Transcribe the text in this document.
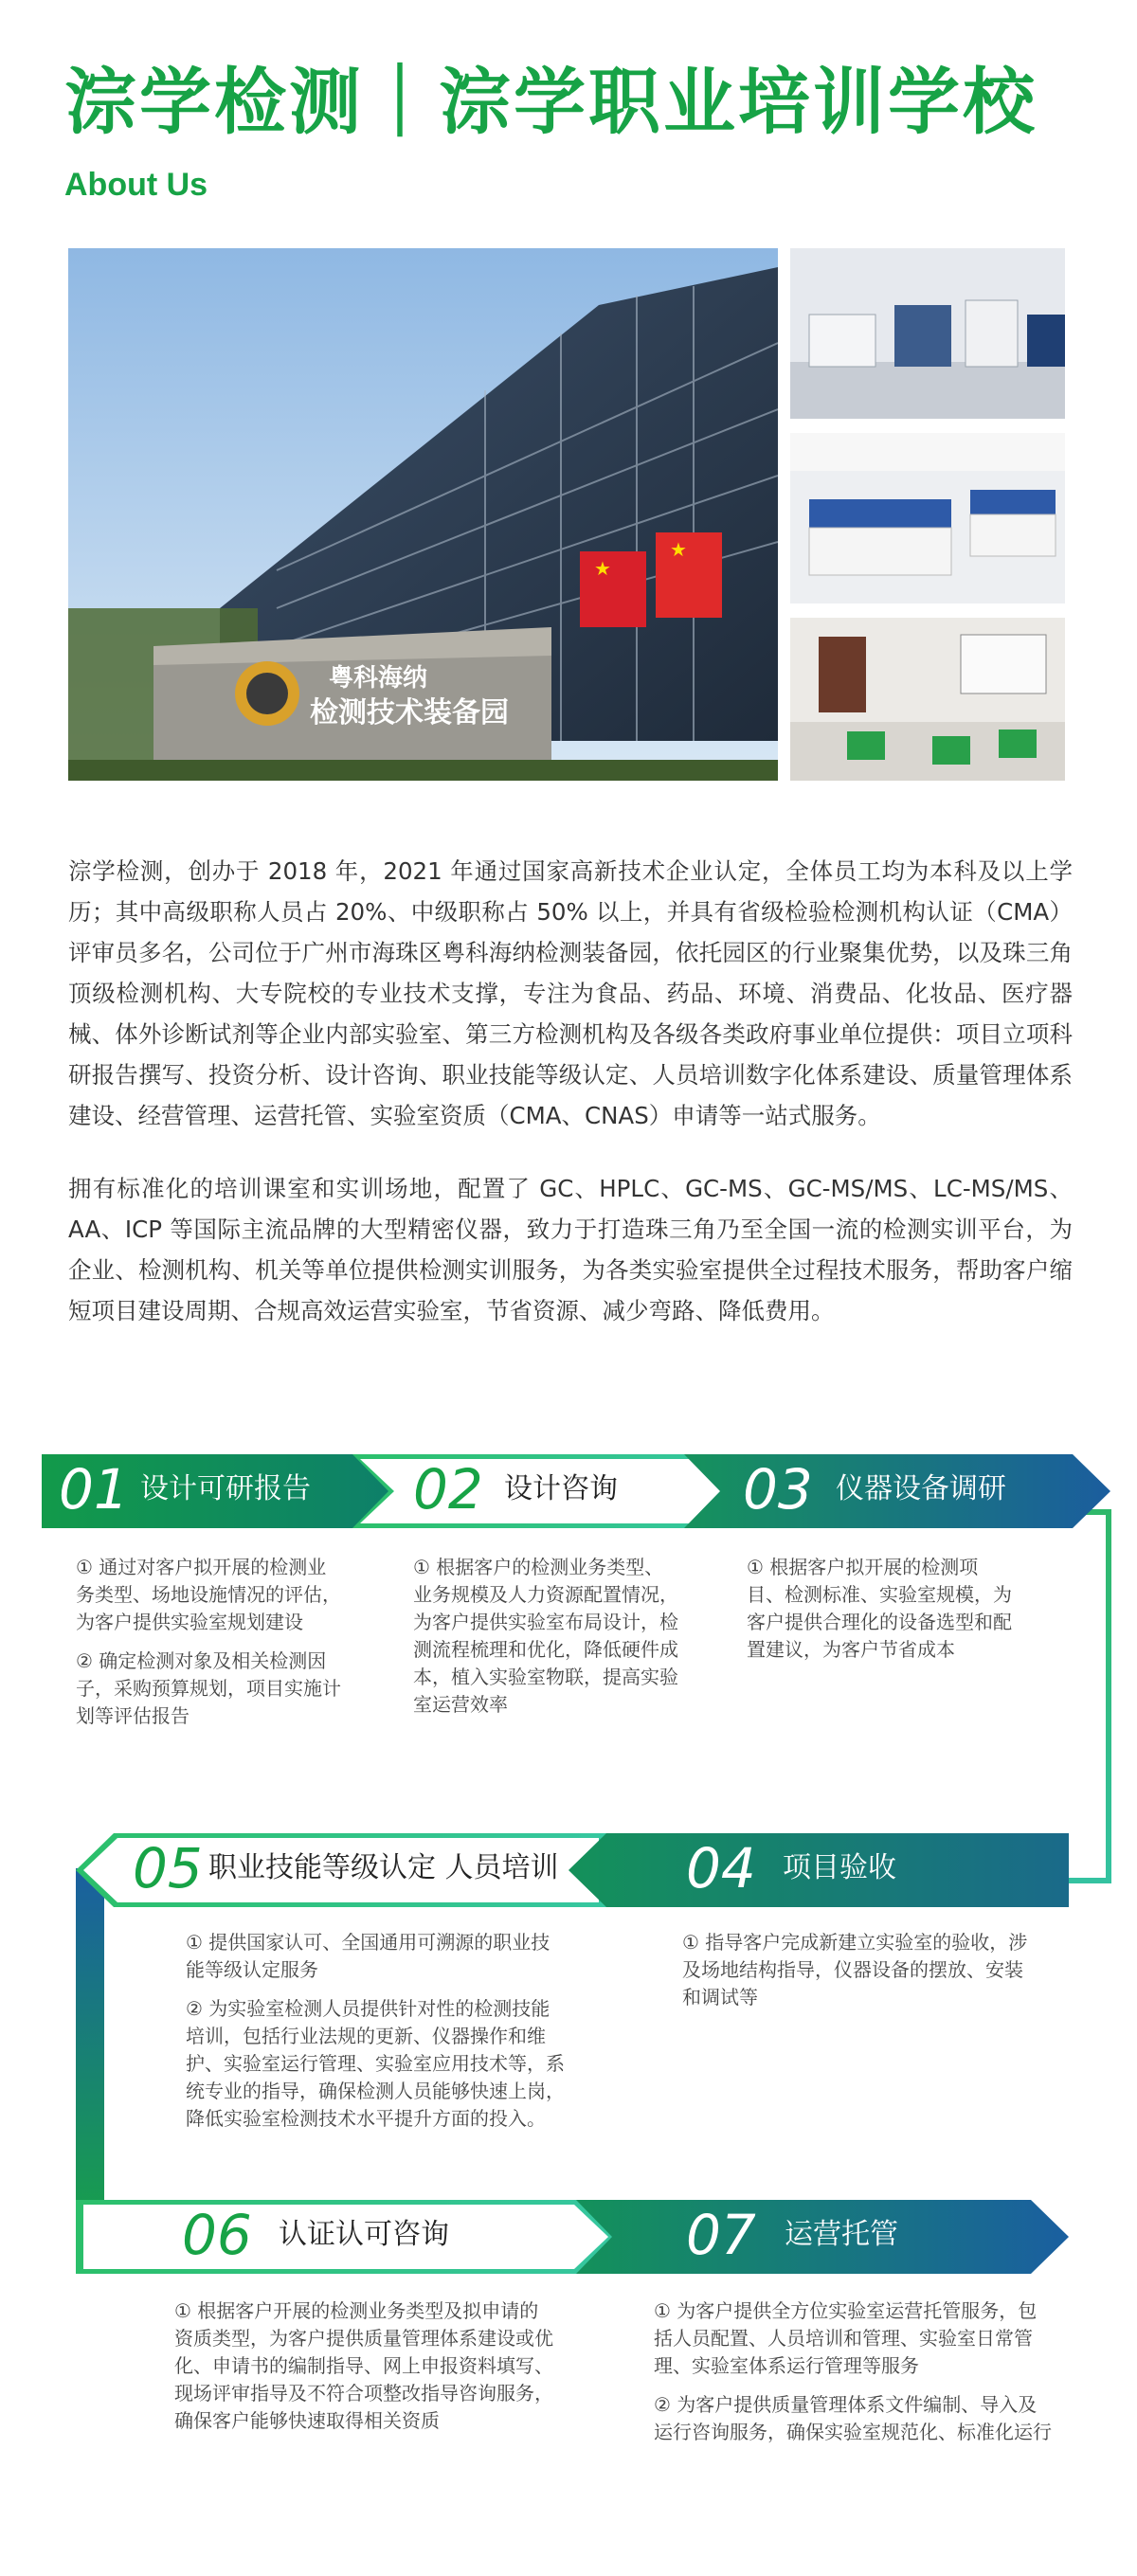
淙学检测｜淙学职业培训学校
About Us
★
★
粤科海纳
检测技术装备园

淙学检测，创办于 2018 年，2021 年通过国家高新技术企业认定，全体员工均为本科及以上学历；其中高级职称人员占 20%、中级职称占 50% 以上，并具有省级检验检测机构认证（CMA）评审员多名，公司位于广州市海珠区粤科海纳检测装备园，依托园区的行业聚集优势，以及珠三角顶级检测机构、大专院校的专业技术支撑，专注为食品、药品、环境、消费品、化妆品、医疗器械、体外诊断试剂等企业内部实验室、第三方检测机构及各级各类政府事业单位提供：项目立项科研报告撰写、投资分析、设计咨询、职业技能等级认定、人员培训数字化体系建设、质量管理体系建设、经营管理、运营托管、实验室资质（CMA、CNAS）申请等一站式服务。

拥有标准化的培训课室和实训场地，配置了 GC、HPLC、GC-MS、GC-MS/MS、LC-MS/MS、AA、ICP 等国际主流品牌的大型精密仪器，致力于打造珠三角乃至全国一流的检测实训平台，为企业、检测机构、机关等单位提供检测实训服务，为各类实验室提供全过程技术服务，帮助客户缩短项目建设周期、合规高效运营实验室，节省资源、减少弯路、降低费用。

01 设计可研报告 02 设计咨询 03 仪器设备调研

① 通过对客户拟开展的检测业务类型、场地设施情况的评估，为客户提供实验室规划建设

② 确定检测对象及相关检测因子，采购预算规划，项目实施计划等评估报告

① 根据客户的检测业务类型、业务规模及人力资源配置情况，为客户提供实验室布局设计，检测流程梳理和优化，降低硬件成本，植入实验室物联，提高实验室运营效率

① 根据客户拟开展的检测项目、检测标准、实验室规模，为客户提供合理化的设备选型和配置建议，为客户节省成本

05 职业技能等级认定 人员培训 04 项目验收

① 提供国家认可、全国通用可溯源的职业技能等级认定服务

② 为实验室检测人员提供针对性的检测技能培训，包括行业法规的更新、仪器操作和维护、实验室运行管理、实验室应用技术等，系统专业的指导，确保检测人员能够快速上岗，降低实验室检测技术水平提升方面的投入。

① 指导客户完成新建立实验室的验收，涉及场地结构指导，仪器设备的摆放、安装和调试等

06 认证认可咨询	07 运营托管

① 根据客户开展的检测业务类型及拟申请的资质类型，为客户提供质量管理体系建设或优化、申请书的编制指导、网上申报资料填写、现场评审指导及不符合项整改指导咨询服务，确保客户能够快速取得相关资质

① 为客户提供全方位实验室运营托管服务，包括人员配置、人员培训和管理、实验室日常管理、实验室体系运行管理等服务

② 为客户提供质量管理体系文件编制、导入及运行咨询服务，确保实验室规范化、标准化运行
